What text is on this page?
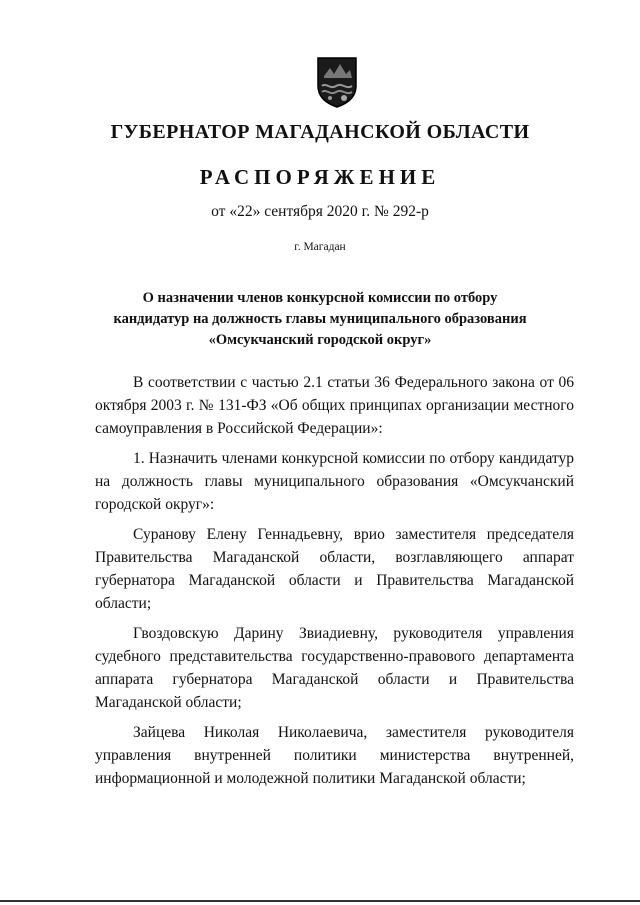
ГУБЕРНАТОР МАГАДАНСКОЙ ОБЛАСТИ
РАСПОРЯЖЕНИЕ
от «22» сентября 2020 г. № 292-р
г. Магадан
О назначении членов конкурсной комиссии по отбору
кандидатур на должность главы муниципального образования
«Омсукчанский городской округ»

В соответствии с частью 2.1 статьи 36 Федерального закона от 06 октября 2003 г. № 131-ФЗ «Об общих принципах организации местного самоуправления в Российской Федерации»:

1. Назначить членами конкурсной комиссии по отбору кандидатур на должность главы муниципального образования «Омсукчанский городской округ»:

Суранову Елену Геннадьевну, врио заместителя председателя Правительства Магаданской области, возглавляющего аппарат губернатора Магаданской области и Правительства Магаданской области;

Гвоздовскую Дарину Звиадиевну, руководителя управления судебного представительства государственно-правового департамента аппарата губернатора Магаданской области и Правительства Магаданской области;

Зайцева Николая Николаевича, заместителя руководителя управления внутренней политики министерства внутренней, информационной и молодежной политики Магаданской области;
